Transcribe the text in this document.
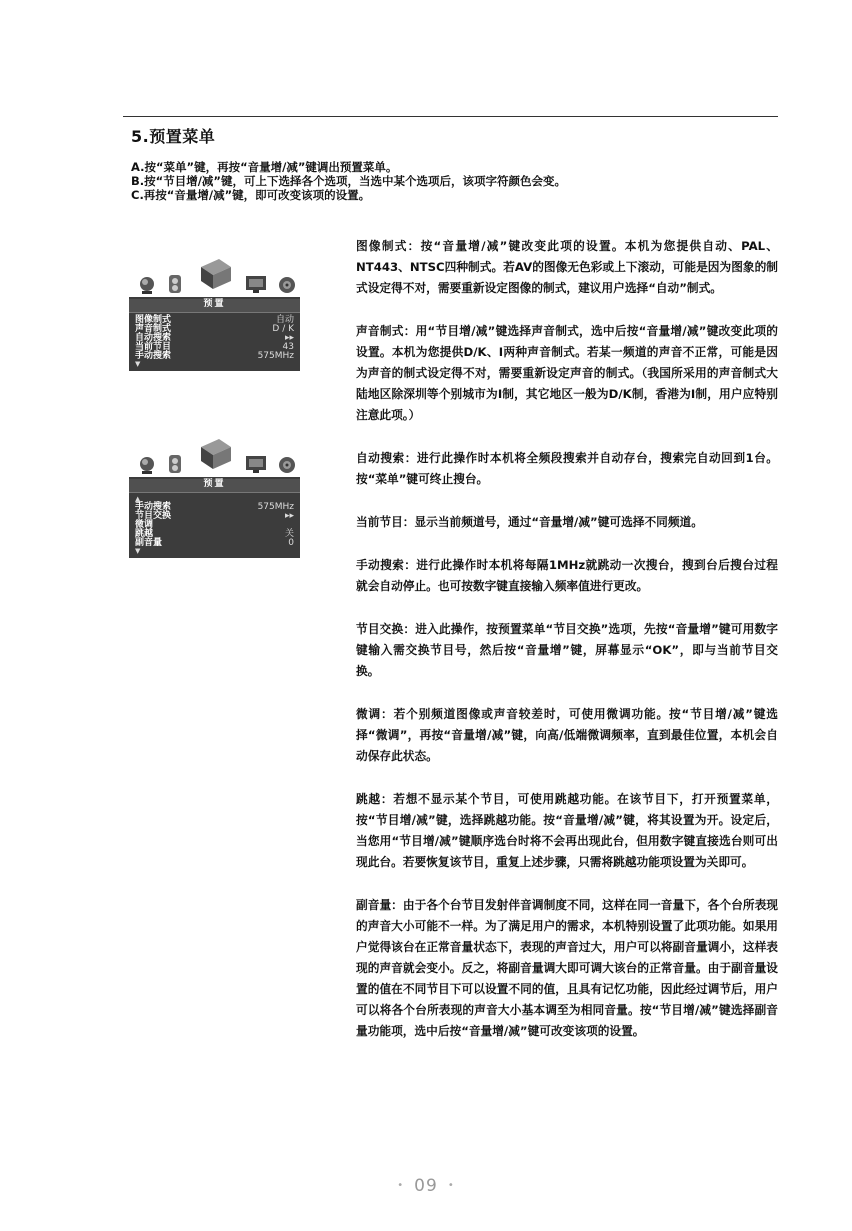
5.预置菜单
A.按“菜单”键，再按“音量增/减”键调出预置菜单。
B.按“节目增/减”键，可上下选择各个选项，当选中某个选项后，该项字符颜色会变。
C.再按“音量增/减”键，即可改变该项的设置。
预置
图像制式	自动
声音制式	D / K
自动搜索	▸▸
当前节目	43
手动搜索	575MHz
▼
预置
▲
手动搜索	575MHz
节目交换	▸▸
微调
跳越	关
副音量	0
▼

图像制式：按“音量增/减”键改变此项的设置。本机为您提供自动、PAL、NT443、NTSC四种制式。若AV的图像无色彩或上下滚动，可能是因为图象的制式设定得不对，需要重新设定图像的制式，建议用户选择“自动”制式。

声音制式：用“节目增/减”键选择声音制式，选中后按“音量增/减”键改变此项的设置。本机为您提供D/K、I两种声音制式。若某一频道的声音不正常，可能是因为声音的制式设定得不对，需要重新设定声音的制式。（我国所采用的声音制式大陆地区除深圳等个别城市为I制，其它地区一般为D/K制，香港为I制，用户应特别注意此项。）

自动搜索：进行此操作时本机将全频段搜索并自动存台，搜索完自动回到1台。按“菜单”键可终止搜台。

当前节目：显示当前频道号，通过“音量增/减”键可选择不同频道。

手动搜索：进行此操作时本机将每隔1MHz就跳动一次搜台，搜到台后搜台过程就会自动停止。也可按数字键直接输入频率值进行更改。

节目交换：进入此操作，按预置菜单“节目交换”选项，先按“音量增”键可用数字键输入需交换节目号，然后按“音量增”键，屏幕显示“OK”，即与当前节目交换。

微调：若个别频道图像或声音较差时，可使用微调功能。按“节目增/减”键选择“微调”，再按“音量增/减”键，向高/低端微调频率，直到最佳位置，本机会自动保存此状态。

跳越：若想不显示某个节目，可使用跳越功能。在该节目下，打开预置菜单，按“节目增/减”键，选择跳越功能。按“音量增/减”键，将其设置为开。设定后，当您用“节目增/减”键顺序选台时将不会再出现此台，但用数字键直接选台则可出现此台。若要恢复该节目，重复上述步骤，只需将跳越功能项设置为关即可。

副音量：由于各个台节目发射伴音调制度不同，这样在同一音量下，各个台所表现的声音大小可能不一样。为了满足用户的需求，本机特别设置了此项功能。如果用户觉得该台在正常音量状态下，表现的声音过大，用户可以将副音量调小，这样表现的声音就会变小。反之，将副音量调大即可调大该台的正常音量。由于副音量设置的值在不同节目下可以设置不同的值，且具有记忆功能，因此经过调节后，用户可以将各个台所表现的声音大小基本调至为相同音量。按“节目增/减”键选择副音量功能项，选中后按“音量增/减”键可改变该项的设置。

• 09 •
